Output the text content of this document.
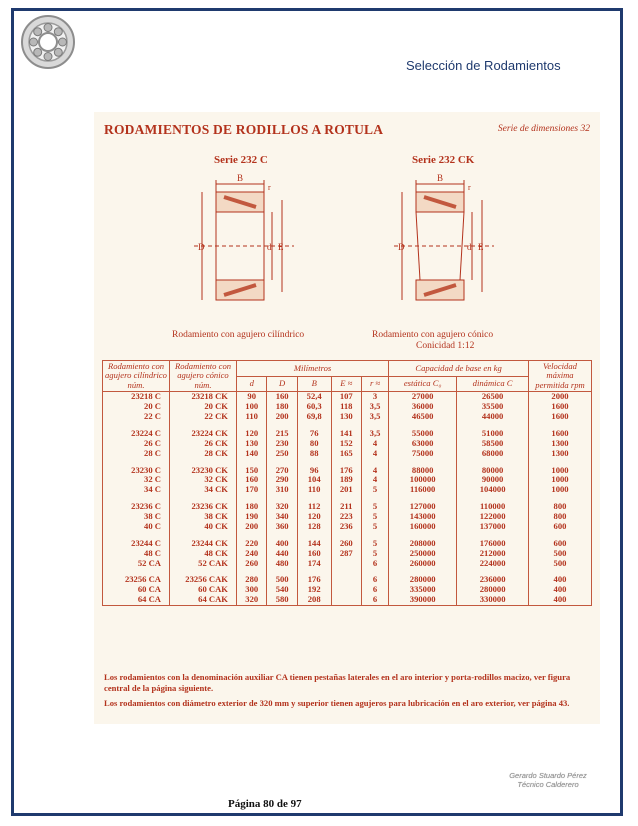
Selección de Rodamientos
RODAMIENTOS DE RODILLOS A ROTULA	Serie de dimensiones 32
Serie 232 C	Serie 232 CK
B
D	d E
r
B
D	d E
r
Rodamiento con agujero cilíndrico	Rodamiento con agujero cónico
Conicidad 1:12
Rodamiento con agujero cilíndrico núm.	Rodamiento con agujero cónico núm.	Milímetros					Capacidad de base en kg		Velocidad máxima permitida rpm
		d	D	B	E ≈	r ≈	estática C₀	dinámica C	
23218 C	23218 CK	90	160	52,4	107	3	27000	26500	2000
20 C	20 CK	100	180	60,3	118	3,5	36000	35500	1600
22 C	22 CK	110	200	69,8	130	3,5	46500	44000	1600

23224 C	23224 CK	120	215	76	141	3,5	55000	51000	1600
26 C	26 CK	130	230	80	152	4	63000	58500	1300
28 C	28 CK	140	250	88	165	4	75000	68000	1300

23230 C	23230 CK	150	270	96	176	4	88000	80000	1000
32 C	32 CK	160	290	104	189	4	100000	90000	1000
34 C	34 CK	170	310	110	201	5	116000	104000	1000

23236 C	23236 CK	180	320	112	211	5	127000	110000	800
38 C	38 CK	190	340	120	223	5	143000	122000	800
40 C	40 CK	200	360	128	236	5	160000	137000	600

23244 C	23244 CK	220	400	144	260	5	208000	176000	600
48 C	48 CK	240	440	160	287	5	250000	212000	500
52 CA	52 CAK	260	480	174		6	260000	224000	500

23256 CA	23256 CAK	280	500	176		6	280000	236000	400
60 CA	60 CAK	300	540	192		6	335000	280000	400
64 CA	64 CAK	320	580	208		6	390000	330000	400
Los rodamientos con la denominación auxiliar CA tienen pestañas laterales en el aro interior y porta-rodillos macizo, ver figura central de la página siguiente.
Los rodamientos con diámetro exterior de 320 mm y superior tienen agujeros para lubricación en el aro exterior, ver página 43.
Gerardo Stuardo Pérez
Técnico Calderero
Página 80 de 97
